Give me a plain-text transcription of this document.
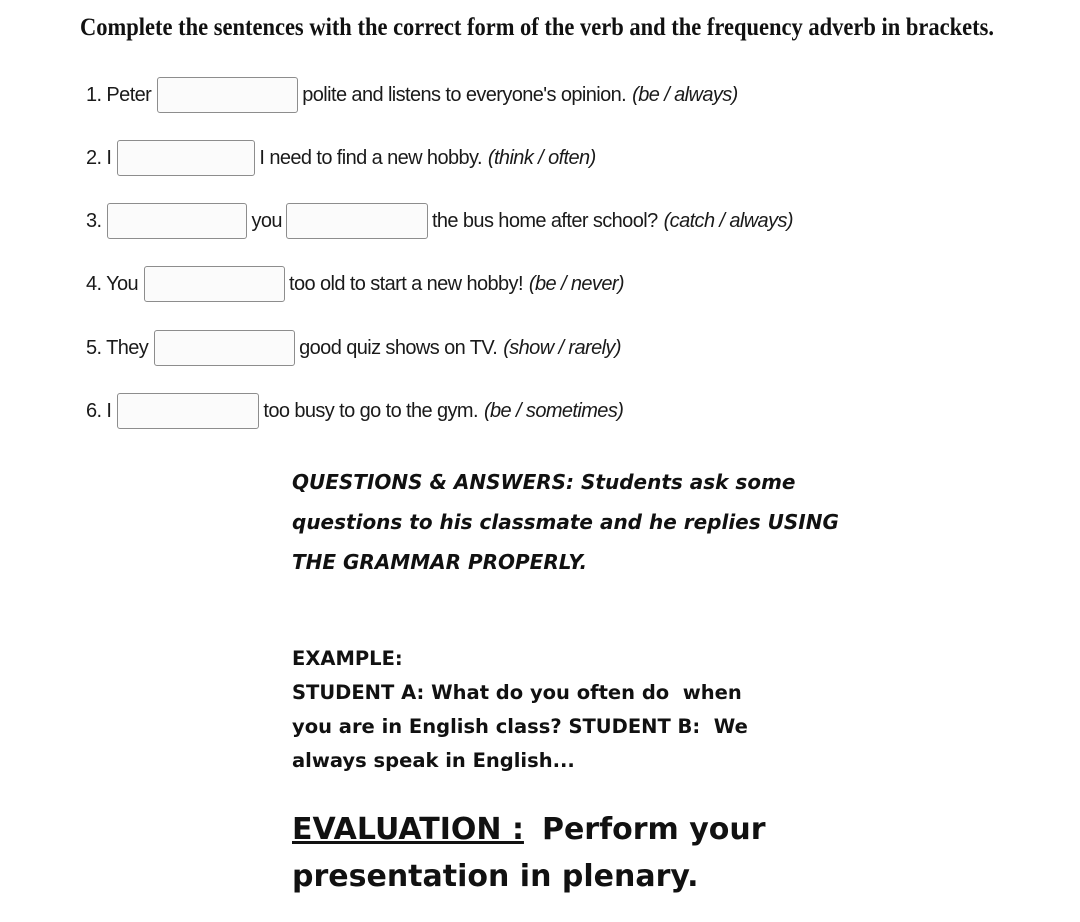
Complete the sentences with the correct form of the verb and the frequency adverb in brackets.
1. Peter	polite and listens to everyone's opinion. (be / always)
2. I	I need to find a new hobby. (think / often)
3.	you	the bus home after school? (catch / always)
4. You	too old to start a new hobby! (be / never)
5. They	good quiz shows on TV. (show / rarely)
6. I	too busy to go to the gym. (be / sometimes)
QUESTIONS & ANSWERS: Students ask some
questions to his classmate and he replies USING
THE GRAMMAR PROPERLY.
EXAMPLE:
STUDENT A: What do you often do  when
you are in English class? STUDENT B:  We
always speak in English...
EVALUATION : Perform your
presentation in plenary.
